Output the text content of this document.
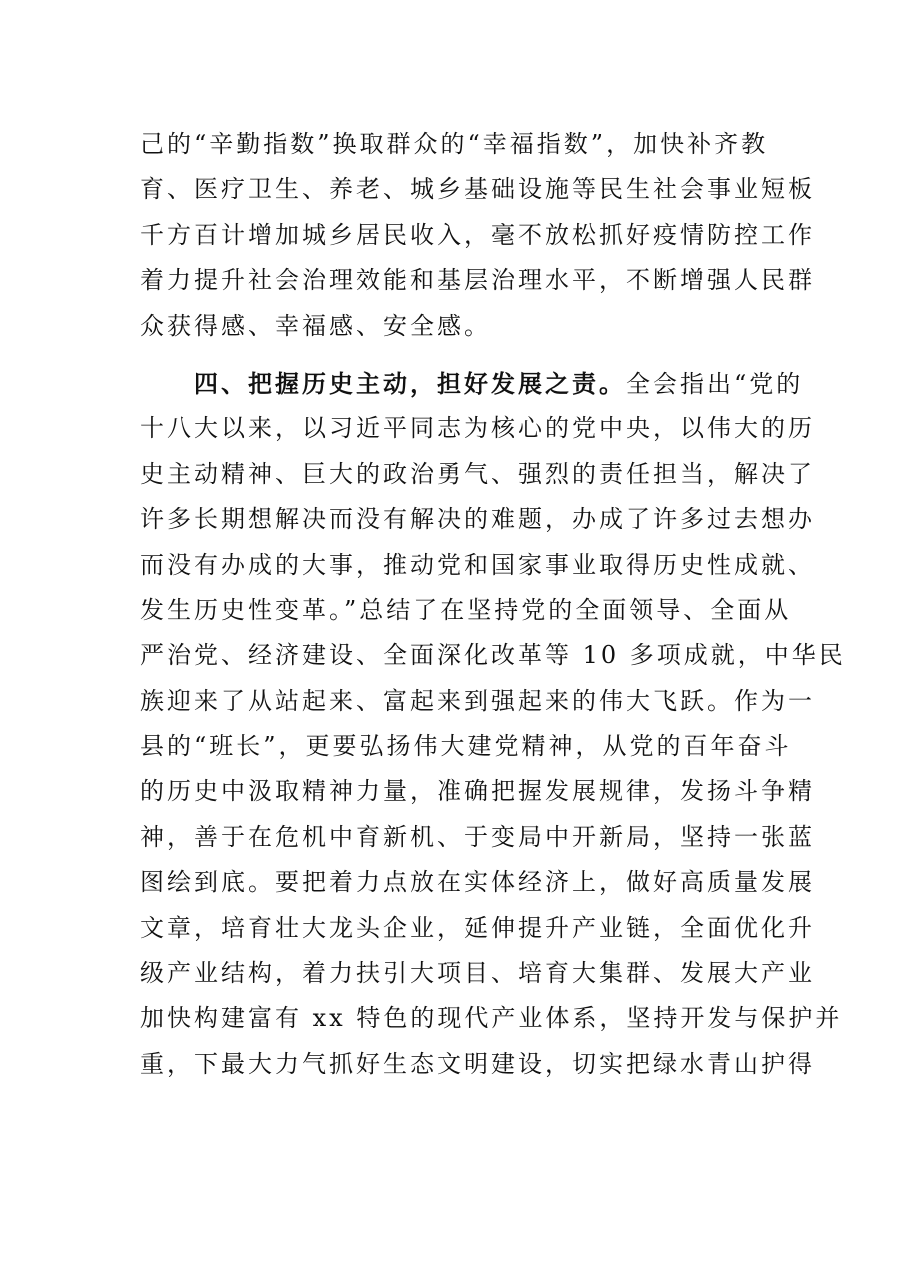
己的“辛勤指数”换取群众的“幸福指数”，加快补齐教
育、医疗卫生、养老、城乡基础设施等民生社会事业短板
千方百计增加城乡居民收入，毫不放松抓好疫情防控工作
着力提升社会治理效能和基层治理水平，不断增强人民群
众获得感、幸福感、安全感。
四、把握历史主动，担好发展之责。全会指出“党的
十八大以来，以习近平同志为核心的党中央，以伟大的历
史主动精神、巨大的政治勇气、强烈的责任担当，解决了
许多长期想解决而没有解决的难题，办成了许多过去想办
而没有办成的大事，推动党和国家事业取得历史性成就、
发生历史性变革。”总结了在坚持党的全面领导、全面从
严治党、经济建设、全面深化改革等 10 多项成就，中华民
族迎来了从站起来、富起来到强起来的伟大飞跃。作为一
县的“班长”，更要弘扬伟大建党精神，从党的百年奋斗
的历史中汲取精神力量，准确把握发展规律，发扬斗争精
神，善于在危机中育新机、于变局中开新局，坚持一张蓝
图绘到底。要把着力点放在实体经济上，做好高质量发展
文章，培育壮大龙头企业，延伸提升产业链，全面优化升
级产业结构，着力扶引大项目、培育大集群、发展大产业
加快构建富有 xx 特色的现代产业体系，坚持开发与保护并
重，下最大力气抓好生态文明建设，切实把绿水青山护得
